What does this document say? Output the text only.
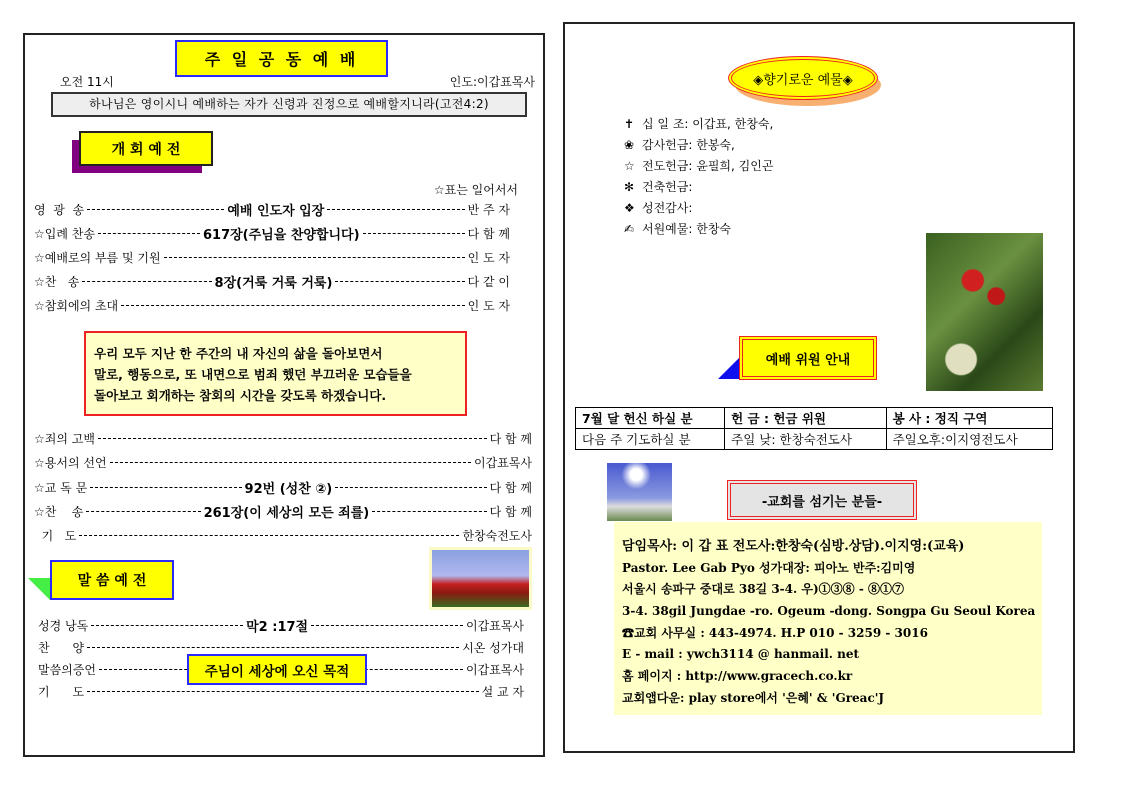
주 일 공 동 예 배
오전 11시	인도:이갑표목사
하나님은 영이시니 예배하는 자가 신령과 진정으로 예배할지니라(고전4:2)
개 회 예 전
☆표는 일어서서
영  광  송	예배 인도자 입장	반 주 자
☆입례 찬송	617장(주님을 찬양합니다)	다 함 께
☆예배로의 부름 및 기원	인 도 자
☆찬   송	8장(거룩 거룩 거룩)	다 같 이
☆참회에의 초대	인 도 자
우리 모두 지난 한 주간의 내 자신의 삶을 돌아보면서
말로, 행동으로, 또 내면으로 범죄 했던 부끄러운 모습들을
돌아보고 회개하는 참회의 시간을 갖도록 하겠습니다.
☆죄의 고백	다 함 께
☆용서의 선언	이갑표목사
☆교 독 문	92번 (성찬 ②)	다 함 께
☆찬    송	261장(이 세상의 모든 죄를)	다 함 께
기   도	한창숙전도사
말 씀 예 전
성경 낭독	막2 :17절	이갑표목사
찬      양	시온 성가대
말씀의증언	이갑표목사
기      도	설 교 자
주님이 세상에 오신 목적
◈향기로운 예물◈
✝ 십 일 조: 이갑표, 한창숙,
❀ 감사헌금: 한봉숙,
☆ 전도헌금: 윤필희, 김인곤
✻ 건축헌금:
❖ 성전감사:
✍ 서원예물: 한창숙
예배 위원 안내
7월 달 헌신 하실 분	헌 금 : 헌금 위원	봉 사 : 정직 구역
다음 주 기도하실 분	주일 낮: 한창숙전도사	주일오후:이지영전도사
-교회를 섬기는 분들-
담임목사: 이 갑 표 전도사:한창숙(심방.상담).이지영:(교육)
Pastor. Lee Gab Pyo 성가대장: 피아노 반주:김미영
서울시 송파구 중대로 38길 3-4. 우)①③⑧ - ⑧①⑦
3-4. 38gil Jungdae -ro. Ogeum -dong. Songpa Gu Seoul Korea
☎교회 사무실 : 443-4974. H.P 010 - 3259 - 3016
E - mail : ywch3114 @ hanmail. net
홈 페이지 : http://www.gracech.co.kr
교회앱다운: play store에서 '은혜' & 'Greac'J
